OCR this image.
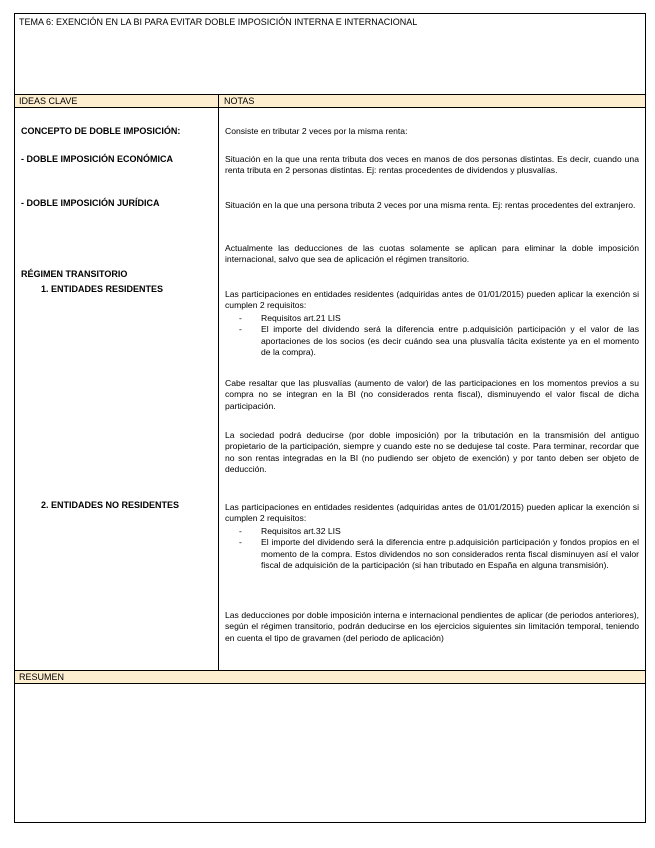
TEMA 6: EXENCIÓN EN LA BI PARA EVITAR DOBLE IMPOSICIÓN INTERNA E INTERNACIONAL
IDEAS CLAVE	NOTAS
CONCEPTO DE DOBLE IMPOSICIÓN:
- DOBLE IMPOSICIÓN ECONÓMICA
- DOBLE IMPOSICIÓN JURÍDICA
RÉGIMEN TRANSITORIO
1. ENTIDADES RESIDENTES
2. ENTIDADES NO RESIDENTES
Consiste en tributar 2 veces por la misma renta:
Situación en la que una renta tributa dos veces en manos de dos personas distintas. Es decir, cuando una renta tributa en 2 personas distintas. Ej: rentas procedentes de dividendos y plusvalías.
Situación en la que una persona tributa 2 veces por una misma renta. Ej: rentas procedentes del extranjero.
Actualmente las deducciones de las cuotas solamente se aplican para eliminar la doble imposición internacional, salvo que sea de aplicación el régimen transitorio.
Las participaciones en entidades residentes (adquiridas antes de 01/01/2015) pueden aplicar la exención si cumplen 2 requisitos:
- Requisitos art.21 LIS
- El importe del dividendo será la diferencia entre p.adquisición participación y el valor de las aportaciones de los socios (es decir cuándo sea una plusvalía tácita existente ya en el momento de la compra).
Cabe resaltar que las plusvalías (aumento de valor) de las participaciones en los momentos previos a su compra no se integran en la BI (no considerados renta fiscal), disminuyendo el valor fiscal de dicha participación.
La sociedad podrá deducirse (por doble imposición) por la tributación en la transmisión del antiguo propietario de la participación, siempre y cuando este no se dedujese tal coste. Para terminar, recordar que no son rentas integradas en la BI (no pudiendo ser objeto de exención) y por tanto deben ser objeto de deducción.
Las participaciones en entidades residentes (adquiridas antes de 01/01/2015) pueden aplicar la exención si cumplen 2 requisitos:
- Requisitos art.32 LIS
- El importe del dividendo será la diferencia entre p.adquisición participación y fondos propios en el momento de la compra. Estos dividendos no son considerados renta fiscal disminuyen así el valor fiscal de adquisición de la participación (si han tributado en España en alguna transmisión).
Las deducciones por doble imposición interna e internacional pendientes de aplicar (de periodos anteriores), según el régimen transitorio, podrán deducirse en los ejercicios siguientes sin limitación temporal, teniendo en cuenta el tipo de gravamen (del periodo de aplicación)
RESUMEN
